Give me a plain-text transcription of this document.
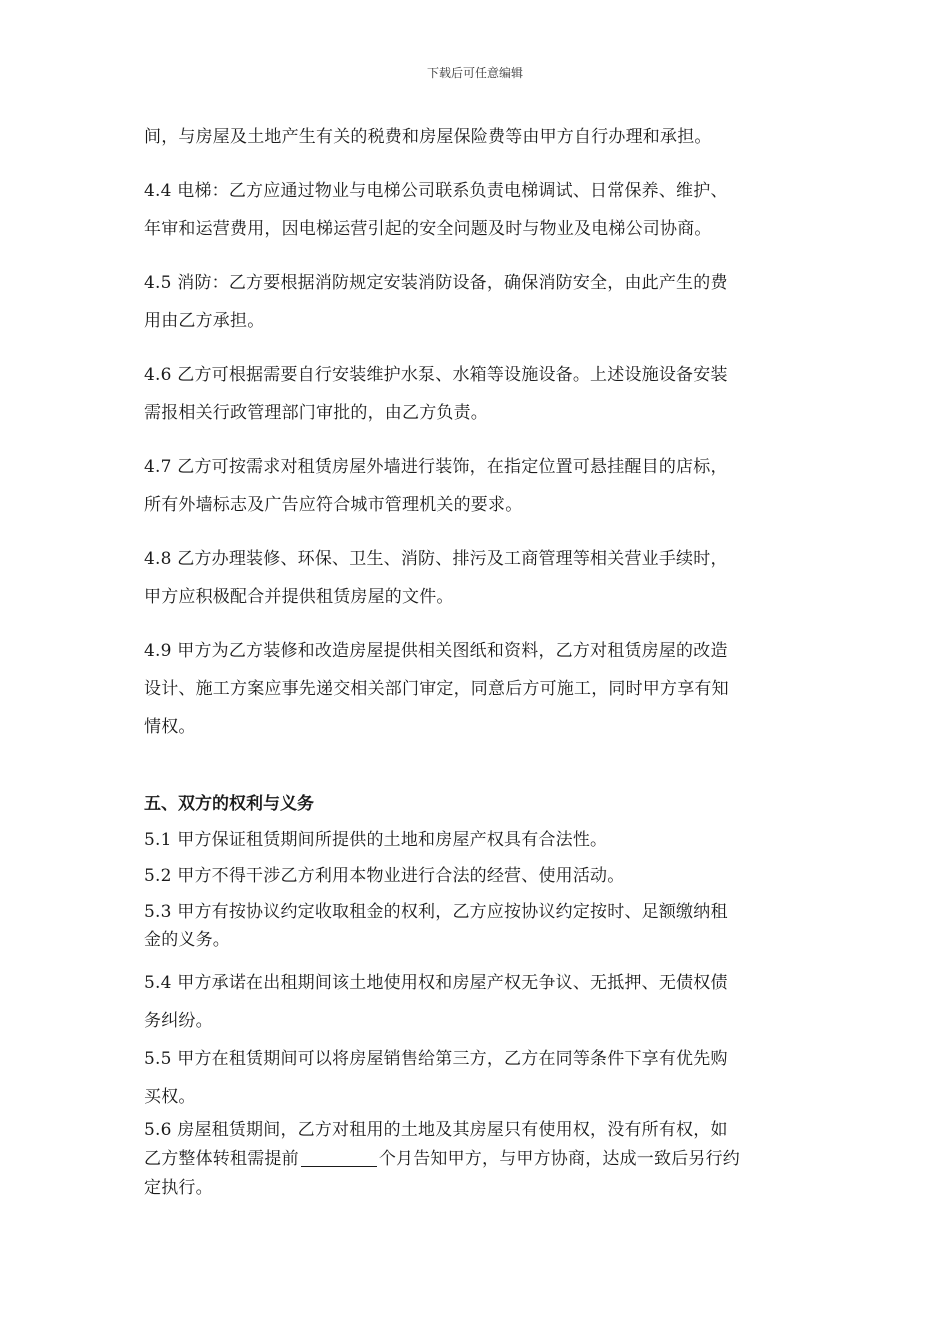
下载后可任意编辑

间，与房屋及土地产生有关的税费和房屋保险费等由甲方自行办理和承担。

4.4 电梯：乙方应通过物业与电梯公司联系负责电梯调试、日常保养、维护、
年审和运营费用，因电梯运营引起的安全问题及时与物业及电梯公司协商。

4.5 消防：乙方要根据消防规定安装消防设备，确保消防安全，由此产生的费
用由乙方承担。

4.6 乙方可根据需要自行安装维护水泵、水箱等设施设备。上述设施设备安装
需报相关行政管理部门审批的，由乙方负责。

4.7 乙方可按需求对租赁房屋外墙进行装饰，在指定位置可悬挂醒目的店标，
所有外墙标志及广告应符合城市管理机关的要求。

4.8 乙方办理装修、环保、卫生、消防、排污及工商管理等相关营业手续时，
甲方应积极配合并提供租赁房屋的文件。

4.9 甲方为乙方装修和改造房屋提供相关图纸和资料，乙方对租赁房屋的改造
设计、施工方案应事先递交相关部门审定，同意后方可施工，同时甲方享有知
情权。

五、双方的权利与义务

5.1 甲方保证租赁期间所提供的土地和房屋产权具有合法性。

5.2 甲方不得干涉乙方利用本物业进行合法的经营、使用活动。

5.3 甲方有按协议约定收取租金的权利，乙方应按协议约定按时、足额缴纳租
金的义务。

5.4 甲方承诺在出租期间该土地使用权和房屋产权无争议、无抵押、无债权债
务纠纷。

5.5 甲方在租赁期间可以将房屋销售给第三方，乙方在同等条件下享有优先购
买权。

5.6 房屋租赁期间，乙方对租用的土地及其房屋只有使用权，没有所有权，如
乙方整体转租需提前	个月告知甲方，与甲方协商，达成一致后另行约
定执行。
